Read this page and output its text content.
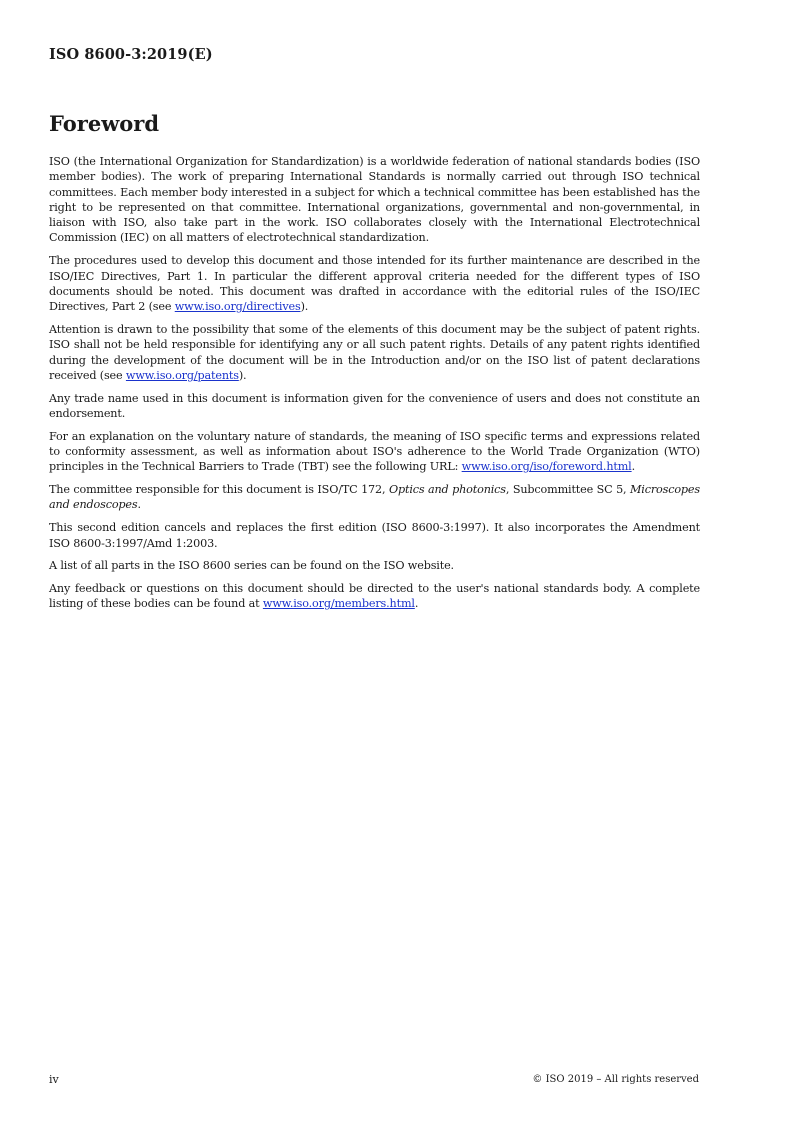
ISO 8600-3:2019(E)
Foreword

ISO (the International Organization for Standardization) is a worldwide federation of national standards bodies (ISO member bodies). The work of preparing International Standards is normally carried out through ISO technical committees. Each member body interested in a subject for which a technical committee has been established has the right to be represented on that committee. International organizations, governmental and non-governmental, in liaison with ISO, also take part in the work. ISO collaborates closely with the International Electrotechnical Commission (IEC) on all matters of electrotechnical standardization.

The procedures used to develop this document and those intended for its further maintenance are described in the ISO/IEC Directives, Part 1. In particular the different approval criteria needed for the different types of ISO documents should be noted. This document was drafted in accordance with the editorial rules of the ISO/IEC Directives, Part 2 (see www.iso.org/directives).

Attention is drawn to the possibility that some of the elements of this document may be the subject of patent rights. ISO shall not be held responsible for identifying any or all such patent rights. Details of any patent rights identified during the development of the document will be in the Introduction and/or on the ISO list of patent declarations received (see www.iso.org/patents).

Any trade name used in this document is information given for the convenience of users and does not constitute an endorsement.

For an explanation on the voluntary nature of standards, the meaning of ISO specific terms and expressions related to conformity assessment, as well as information about ISO's adherence to the World Trade Organization (WTO) principles in the Technical Barriers to Trade (TBT) see the following URL: www.iso.org/iso/foreword.html.

The committee responsible for this document is ISO/TC 172, Optics and photonics, Subcommittee SC 5, Microscopes and endoscopes.

This second edition cancels and replaces the first edition (ISO 8600-3:1997). It also incorporates the Amendment ISO 8600-3:1997/Amd 1:2003.

A list of all parts in the ISO 8600 series can be found on the ISO website.

Any feedback or questions on this document should be directed to the user's national standards body. A complete listing of these bodies can be found at www.iso.org/members.html.

iv	© ISO 2019 – All rights reserved
